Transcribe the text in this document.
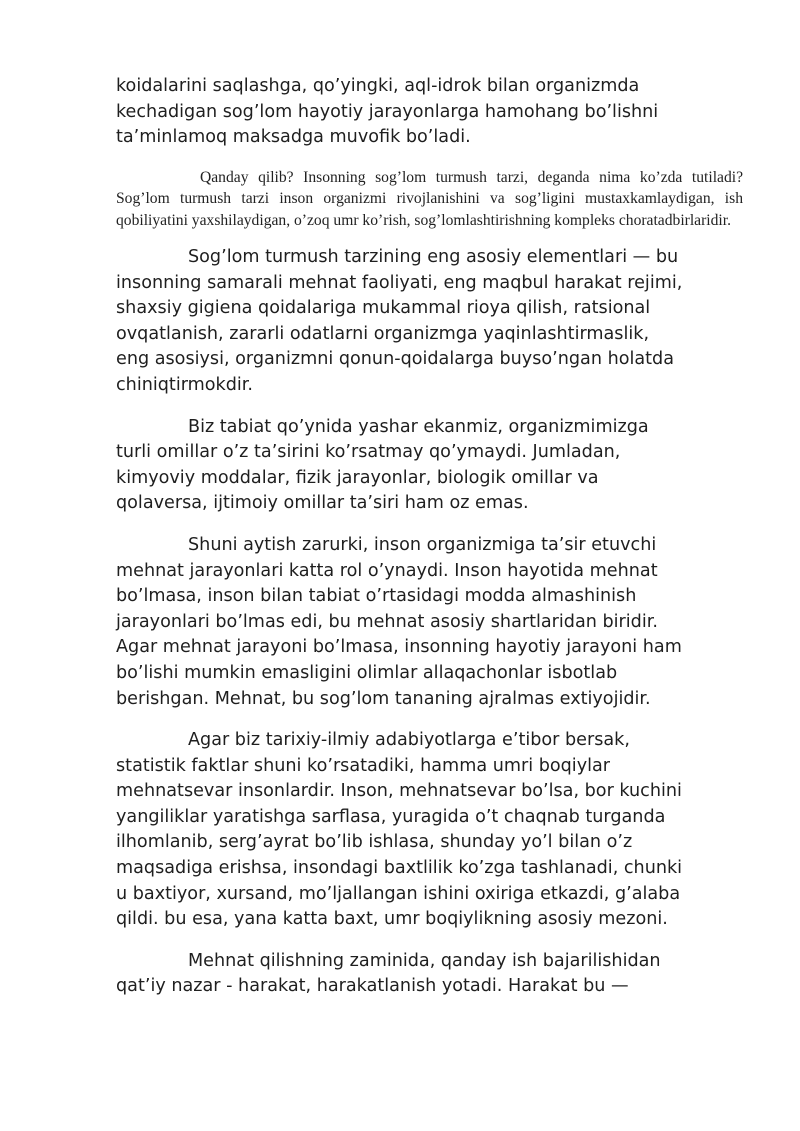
koidalarini saqlashga, qo’yingki, aql-idrok bilan organizmda kechadigan sog’lom hayotiy jarayonlarga hamohang bo’lishni ta’minlamoq maksadga muvofik bo’ladi.

Qanday qilib? Insonning sog’lom turmush tarzi, deganda nima ko’zda tutiladi? Sog’lom turmush tarzi inson organizmi rivojlanishini va sog’ligini mustaxkamlaydigan, ish qobiliyatini yaxshilaydigan, o’zoq umr ko’rish, sog’lomlashtirishning kompleks choratadbirlaridir.

Sog’lom turmush tarzining eng asosiy elementlari — bu insonning samarali mehnat faoliyati, eng maqbul harakat rejimi, shaxsiy gigiena qoidalariga mukammal rioya qilish, ratsional ovqatlanish, zararli odatlarni organizmga yaqinlashtirmaslik, eng asosiysi, organizmni qonun-qoidalarga buyso’ngan holatda chiniqtirmokdir.

Biz tabiat qo’ynida yashar ekanmiz, organizmimizga turli omillar o’z ta’sirini ko’rsatmay qo’ymaydi. Jumladan, kimyoviy moddalar, fizik jarayonlar, biologik omillar va qolaversa, ijtimoiy omillar ta’siri ham oz emas.

Shuni aytish zarurki, inson organizmiga ta’sir etuvchi mehnat jarayonlari katta rol o’ynaydi. Inson hayotida mehnat bo’lmasa, inson bilan tabiat o’rtasidagi modda almashinish jarayonlari bo’lmas edi, bu mehnat asosiy shartlaridan biridir. Agar mehnat jarayoni bo’lmasa, insonning hayotiy jarayoni ham bo’lishi mumkin emasligini olimlar allaqachonlar isbotlab berishgan. Mehnat, bu sog’lom tananing ajralmas extiyojidir.

Agar biz tarixiy-ilmiy adabiyotlarga e’tibor bersak, statistik faktlar shuni ko’rsatadiki, hamma umri boqiylar mehnatsevar insonlardir. Inson, mehnatsevar bo’lsa, bor kuchini yangiliklar yaratishga sarflasa, yuragida o’t chaqnab turganda ilhomlanib, serg’ayrat bo’lib ishlasa, shunday yo’l bilan o’z maqsadiga erishsa, insondagi baxtlilik ko’zga tashlanadi, chunki u baxtiyor, xursand, mo’ljallangan ishini oxiriga etkazdi, g’alaba qildi. bu esa, yana katta baxt, umr boqiylikning asosiy mezoni.

Mehnat qilishning zaminida, qanday ish bajarilishidan qat’iy nazar - harakat, harakatlanish yotadi. Harakat bu —
